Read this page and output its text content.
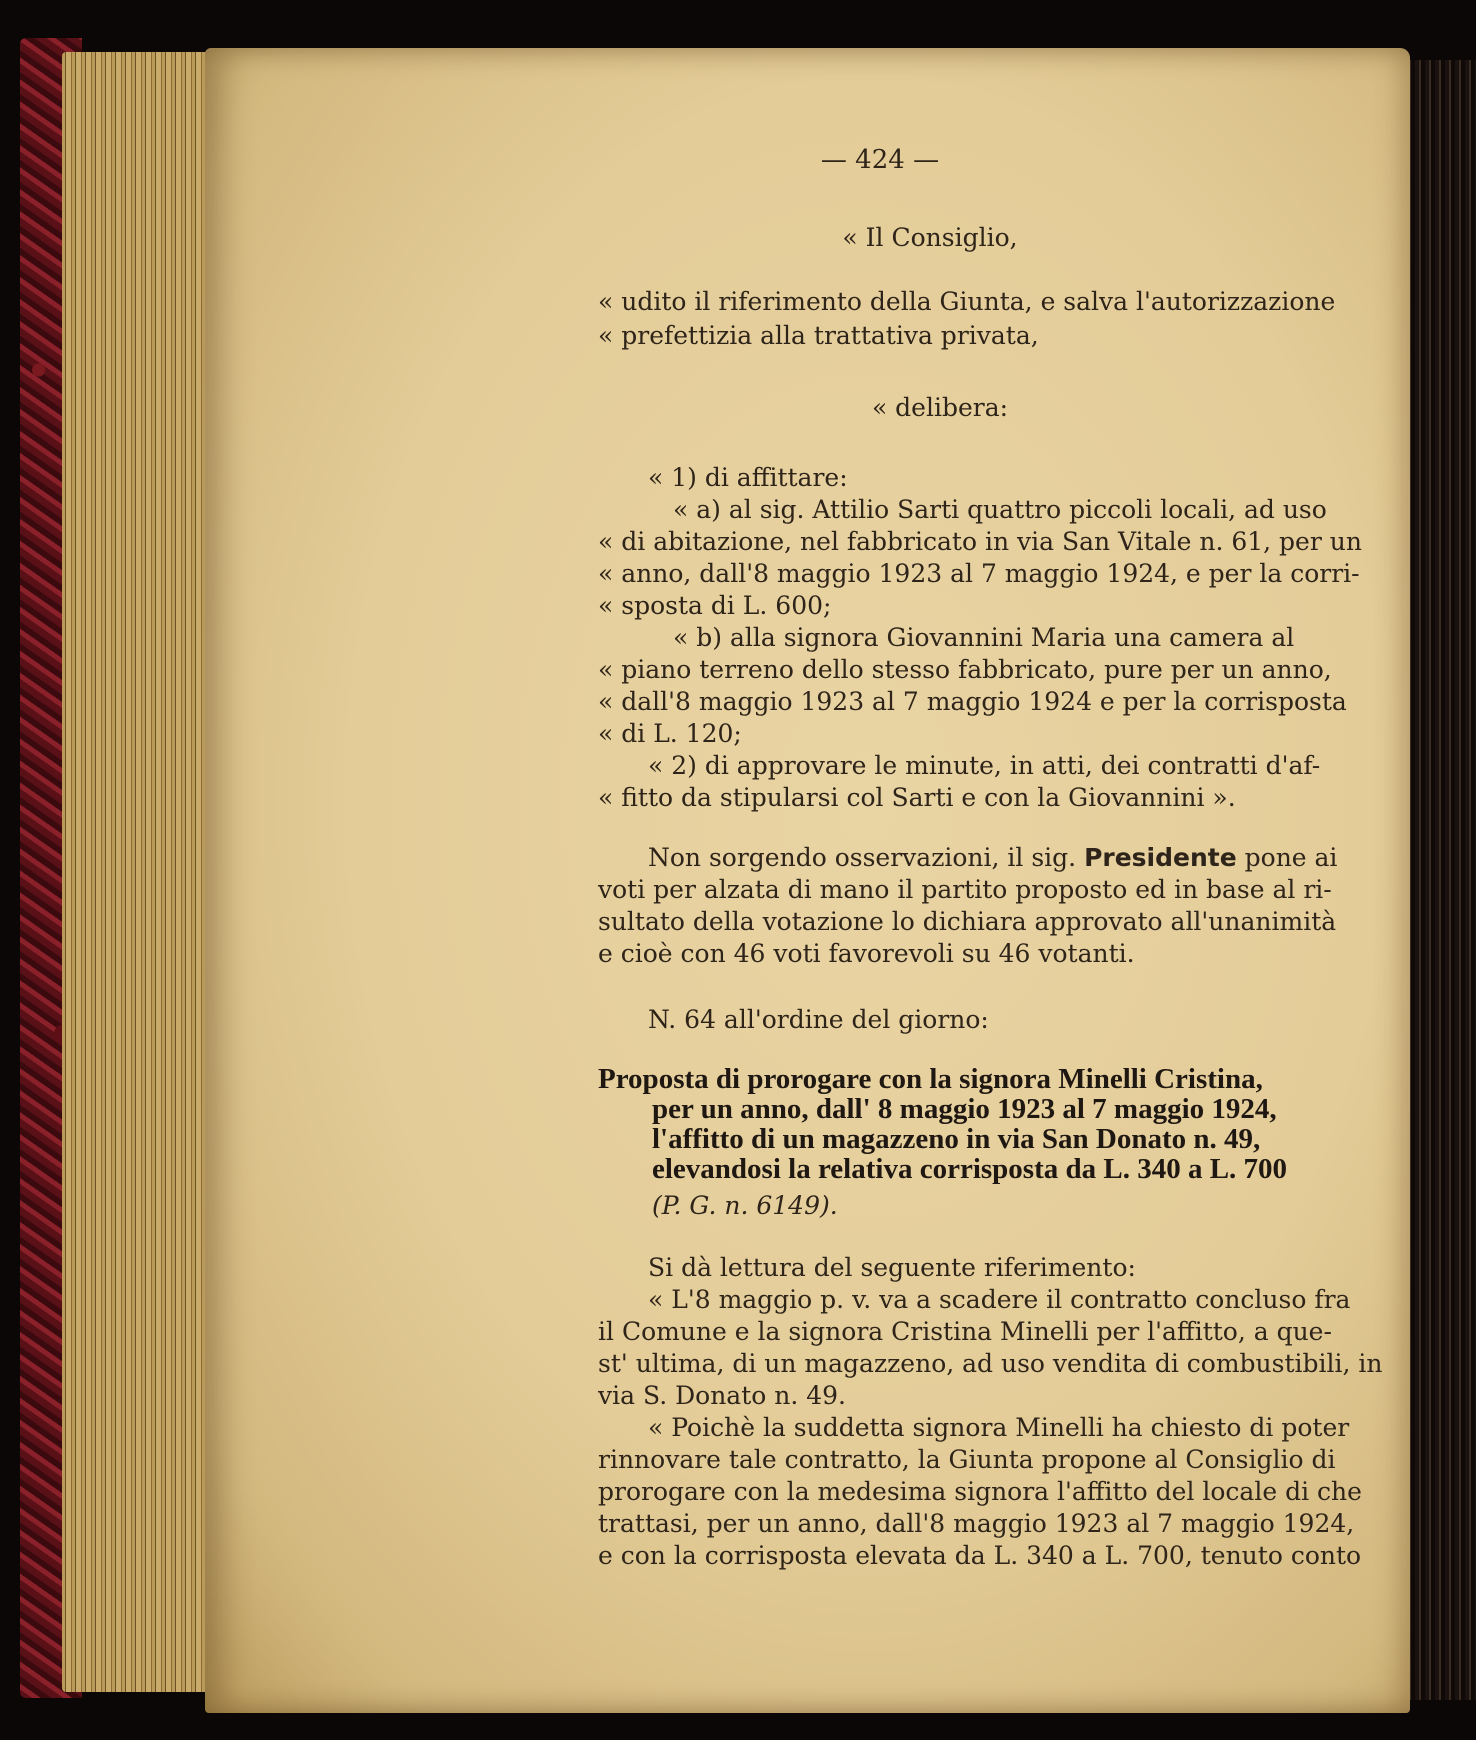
— 424 —
« Il Consiglio,
« udito il riferimento della Giunta, e salva l'autorizzazione
« prefettizia alla trattativa privata,
« delibera:
« 1) di affittare:
« a) al sig. Attilio Sarti quattro piccoli locali, ad uso
« di abitazione, nel fabbricato in via San Vitale n. 61, per un
« anno, dall'8 maggio 1923 al 7 maggio 1924, e per la corri-
« sposta di L. 600;
« b) alla signora Giovannini Maria una camera al
« piano terreno dello stesso fabbricato, pure per un anno,
« dall'8 maggio 1923 al 7 maggio 1924 e per la corrisposta
« di L. 120;
« 2) di approvare le minute, in atti, dei contratti d'af-
« fitto da stipularsi col Sarti e con la Giovannini ».
Non sorgendo osservazioni, il sig. Presidente pone ai
voti per alzata di mano il partito proposto ed in base al ri-
sultato della votazione lo dichiara approvato all'unanimità
e cioè con 46 voti favorevoli su 46 votanti.
N. 64 all'ordine del giorno:
Proposta di prorogare con la signora Minelli Cristina,
per un anno, dall' 8 maggio 1923 al 7 maggio 1924,
l'affitto di un magazzeno in via San Donato n. 49,
elevandosi la relativa corrisposta da L. 340 a L. 700
(P. G. n. 6149).
Si dà lettura del seguente riferimento:
« L'8 maggio p. v. va a scadere il contratto concluso fra
il Comune e la signora Cristina Minelli per l'affitto, a que-
st' ultima, di un magazzeno, ad uso vendita di combustibili, in
via S. Donato n. 49.
« Poichè la suddetta signora Minelli ha chiesto di poter
rinnovare tale contratto, la Giunta propone al Consiglio di
prorogare con la medesima signora l'affitto del locale di che
trattasi, per un anno, dall'8 maggio 1923 al 7 maggio 1924,
e con la corrisposta elevata da L. 340 a L. 700, tenuto conto
